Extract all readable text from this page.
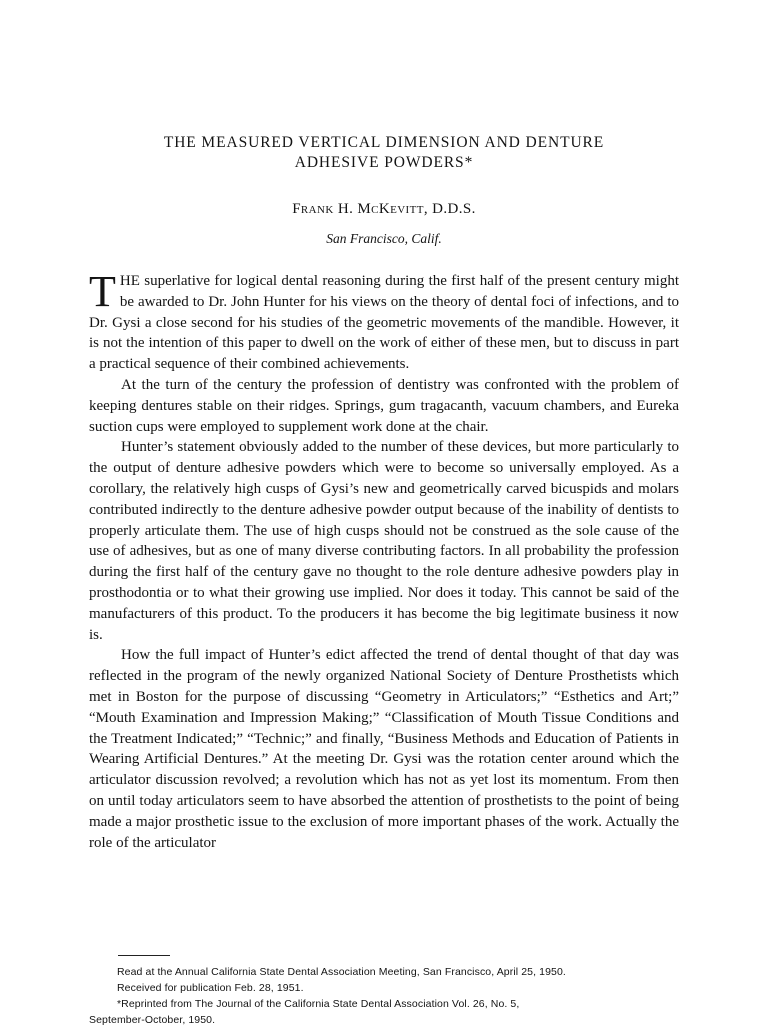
THE MEASURED VERTICAL DIMENSION AND DENTURE
ADHESIVE POWDERS*
Frank H. McKevitt, D.D.S.
San Francisco, Calif.

THE superlative for logical dental reasoning during the first half of the present century might be awarded to Dr. John Hunter for his views on the theory of dental foci of infections, and to Dr. Gysi a close second for his studies of the geometric movements of the mandible. However, it is not the intention of this paper to dwell on the work of either of these men, but to discuss in part a practical sequence of their combined achievements.

At the turn of the century the profession of dentistry was confronted with the problem of keeping dentures stable on their ridges. Springs, gum tragacanth, vacuum chambers, and Eureka suction cups were employed to supplement work done at the chair.

Hunter’s statement obviously added to the number of these devices, but more particularly to the output of denture adhesive powders which were to become so universally employed. As a corollary, the relatively high cusps of Gysi’s new and geometrically carved bicuspids and molars contributed indirectly to the denture adhesive powder output because of the inability of dentists to properly articulate them. The use of high cusps should not be construed as the sole cause of the use of adhesives, but as one of many diverse contributing factors. In all probability the profession during the first half of the century gave no thought to the role denture adhesive powders play in prosthodontia or to what their growing use implied. Nor does it today. This cannot be said of the manufacturers of this product. To the producers it has become the big legitimate business it now is.

How the full impact of Hunter’s edict affected the trend of dental thought of that day was reflected in the program of the newly organized National Society of Denture Prosthetists which met in Boston for the purpose of discussing “Geometry in Articulators;” “Esthetics and Art;” “Mouth Examination and Impression Making;” “Classification of Mouth Tissue Conditions and the Treatment Indicated;” “Technic;” and finally, “Business Methods and Education of Patients in Wearing Artificial Dentures.” At the meeting Dr. Gysi was the rotation center around which the articulator discussion revolved; a revolution which has not as yet lost its momentum. From then on until today articulators seem to have absorbed the attention of prosthetists to the point of being made a major prosthetic issue to the exclusion of more important phases of the work. Actually the role of the articulator

Read at the Annual California State Dental Association Meeting, San Francisco, April 25, 1950.
Received for publication Feb. 28, 1951.
*Reprinted from The Journal of the California State Dental Association Vol. 26, No. 5,
September-October, 1950.
